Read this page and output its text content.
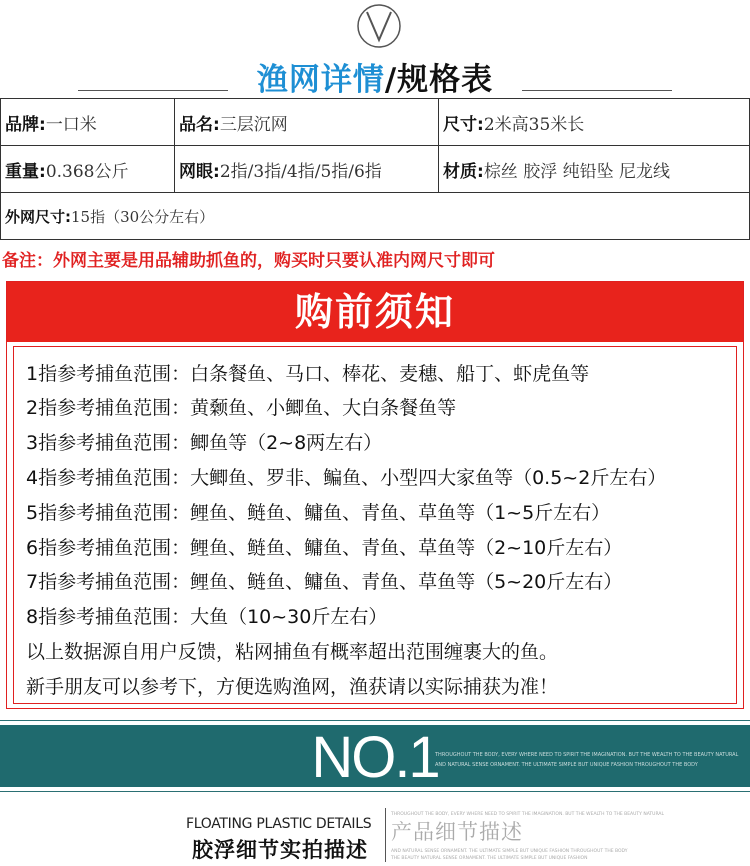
渔网详情/规格表
品牌:一口米	品名:三层沉网	尺寸:2米高35米长
重量:0.368公斤	网眼:2指/3指/4指/5指/6指	材质:棕丝 胶浮 纯铅坠 尼龙线
外网尺寸:15指（30公分左右）		
备注：外网主要是用品辅助抓鱼的，购买时只要认准内网尺寸即可
购前须知
1指参考捕鱼范围：白条餐鱼、马口、棒花、麦穗、船丁、虾虎鱼等
2指参考捕鱼范围：黄颡鱼、小鲫鱼、大白条餐鱼等
3指参考捕鱼范围：鲫鱼等（2~8两左右）
4指参考捕鱼范围：大鲫鱼、罗非、鳊鱼、小型四大家鱼等（0.5~2斤左右）
5指参考捕鱼范围：鲤鱼、鲢鱼、鳙鱼、青鱼、草鱼等（1~5斤左右）
6指参考捕鱼范围：鲤鱼、鲢鱼、鳙鱼、青鱼、草鱼等（2~10斤左右）
7指参考捕鱼范围：鲤鱼、鲢鱼、鳙鱼、青鱼、草鱼等（5~20斤左右）
8指参考捕鱼范围：大鱼（10~30斤左右）
以上数据源自用户反馈，粘网捕鱼有概率超出范围缠裹大的鱼。
新手朋友可以参考下，方便选购渔网，渔获请以实际捕获为准！
NO.1
THROUGHOUT THE BODY, EVERY WHERE NEED TO SPIRIT THE IMAGINATION. BUT THE WEALTH TO THE BEAUTY NATURAL
AND NATURAL SENSE ORNAMENT. THE ULTIMATE SIMPLE BUT UNIQUE FASHION THROUGHOUT THE BODY
FLOATING PLASTIC DETAILS
胶浮细节实拍描述
产品细节描述
THROUGHOUT THE BODY, EVERY WHERE NEED TO SPIRIT THE IMAGINATION. BUT THE WEALTH TO THE BEAUTY NATURAL
AND NATURAL SENSE ORNAMENT. THE ULTIMATE SIMPLE BUT UNIQUE FASHION THROUGHOUT THE BODY
THE BEAUTY NATURAL SENSE ORNAMENT. THE ULTIMATE SIMPLE BUT UNIQUE FASHION
